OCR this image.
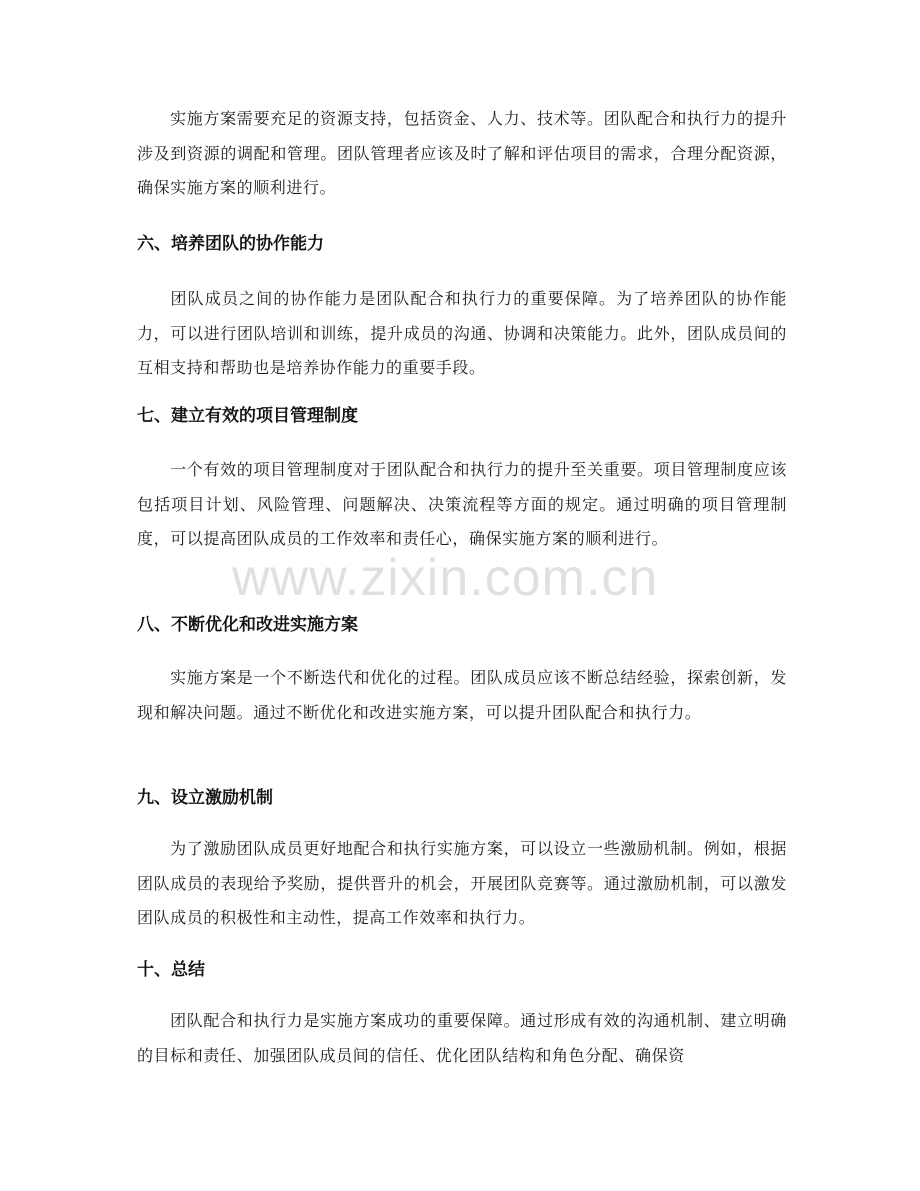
实施方案需要充足的资源支持，包括资金、人力、技术等。团队配合和执行力的提升涉及到资源的调配和管理。团队管理者应该及时了解和评估项目的需求，合理分配资源，确保实施方案的顺利进行。

六、培养团队的协作能力

团队成员之间的协作能力是团队配合和执行力的重要保障。为了培养团队的协作能力，可以进行团队培训和训练，提升成员的沟通、协调和决策能力。此外，团队成员间的互相支持和帮助也是培养协作能力的重要手段。

七、建立有效的项目管理制度

一个有效的项目管理制度对于团队配合和执行力的提升至关重要。项目管理制度应该包括项目计划、风险管理、问题解决、决策流程等方面的规定。通过明确的项目管理制度，可以提高团队成员的工作效率和责任心，确保实施方案的顺利进行。

八、不断优化和改进实施方案

实施方案是一个不断迭代和优化的过程。团队成员应该不断总结经验，探索创新，发现和解决问题。通过不断优化和改进实施方案，可以提升团队配合和执行力。

九、设立激励机制

为了激励团队成员更好地配合和执行实施方案，可以设立一些激励机制。例如，根据团队成员的表现给予奖励，提供晋升的机会，开展团队竞赛等。通过激励机制，可以激发团队成员的积极性和主动性，提高工作效率和执行力。

十、总结

团队配合和执行力是实施方案成功的重要保障。通过形成有效的沟通机制、建立明确的目标和责任、加强团队成员间的信任、优化团队结构和角色分配、确保资

www.zixin.com.cn
